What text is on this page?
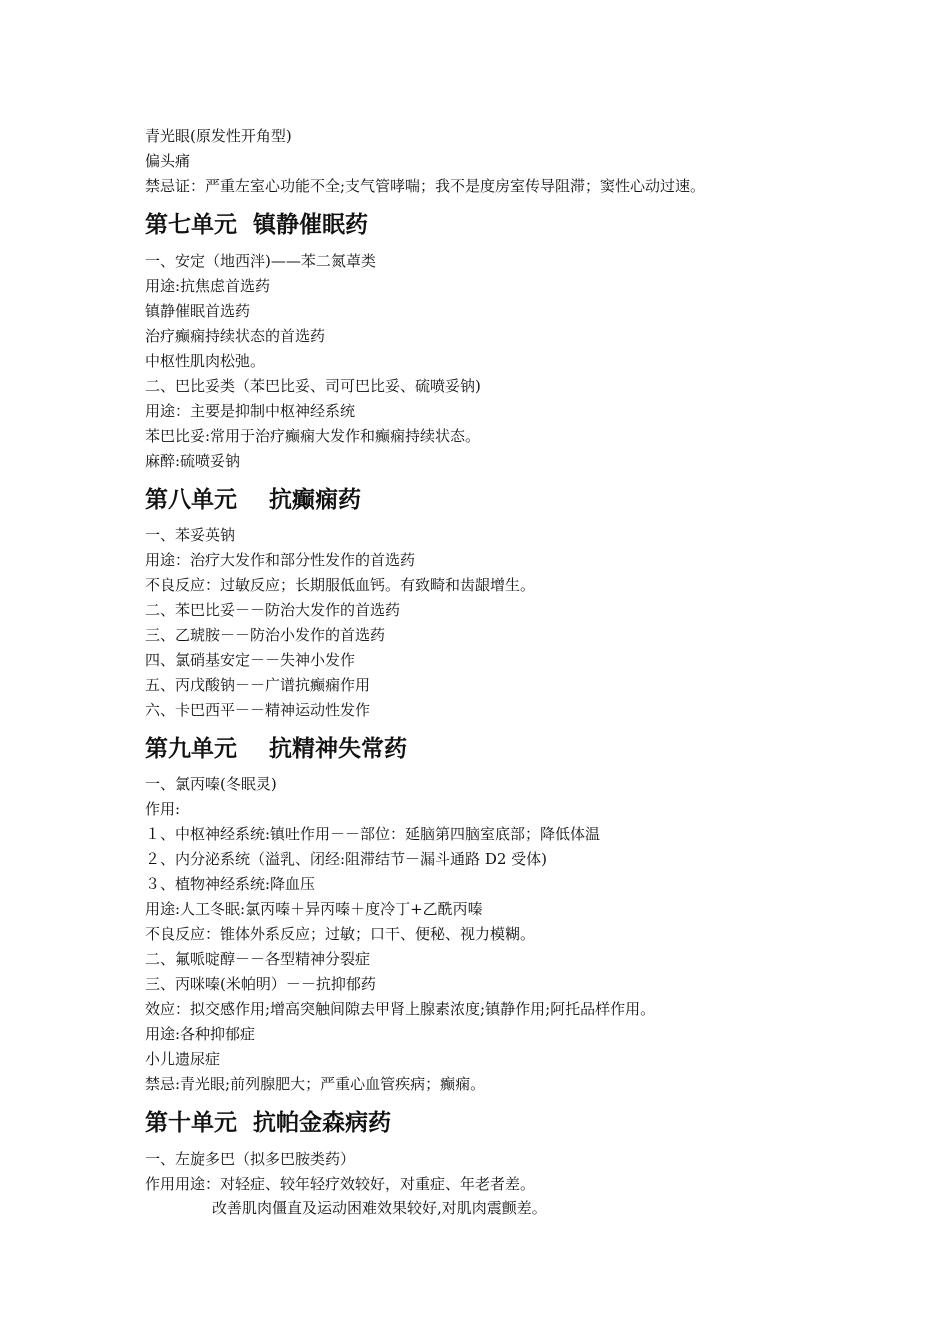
青光眼(原发性开角型)

偏头痛

禁忌证：严重左室心功能不全;支气管哮喘；我不是度房室传导阻滞；窦性心动过速。

第七单元  镇静催眠药

一、安定（地西泮)——苯二氮䓬类

用途:抗焦虑首选药

镇静催眠首选药

治疗癫痫持续状态的首选药

中枢性肌肉松弛。

二、巴比妥类（苯巴比妥、司可巴比妥、硫喷妥钠)

用途：主要是抑制中枢神经系统

苯巴比妥:常用于治疗癫痫大发作和癫痫持续状态。

麻醉:硫喷妥钠

第八单元    抗癫痫药

一、苯妥英钠

用途：治疗大发作和部分性发作的首选药

不良反应：过敏反应；长期服低血钙。有致畸和齿龈增生。

二、苯巴比妥－－防治大发作的首选药

三、乙琥胺－－防治小发作的首选药

四、氯硝基安定－－失神小发作

五、丙戊酸钠－－广谱抗癫痫作用

六、卡巴西平－－精神运动性发作

第九单元    抗精神失常药

一、氯丙嗪(冬眠灵)

作用:

１、中枢神经系统:镇吐作用－－部位：延脑第四脑室底部；降低体温

２、内分泌系统（溢乳、闭经:阻滞结节－漏斗通路 D2 受体)

３、植物神经系统:降血压

用途:人工冬眠:氯丙嗪＋异丙嗪＋度冷丁+乙酰丙嗪

不良反应：锥体外系反应；过敏；口干、便秘、视力模糊。

二、氟哌啶醇－－各型精神分裂症

三、丙咪嗪(米帕明）－－抗抑郁药

效应：拟交感作用;增高突触间隙去甲肾上腺素浓度;镇静作用;阿托品样作用。

用途:各种抑郁症

小儿遗尿症

禁忌:青光眼;前列腺肥大；严重心血管疾病；癫痫。

第十单元  抗帕金森病药

一、左旋多巴（拟多巴胺类药）

作用用途：对轻症、较年轻疗效较好，对重症、年老者差。

改善肌肉僵直及运动困难效果较好,对肌肉震颤差。
